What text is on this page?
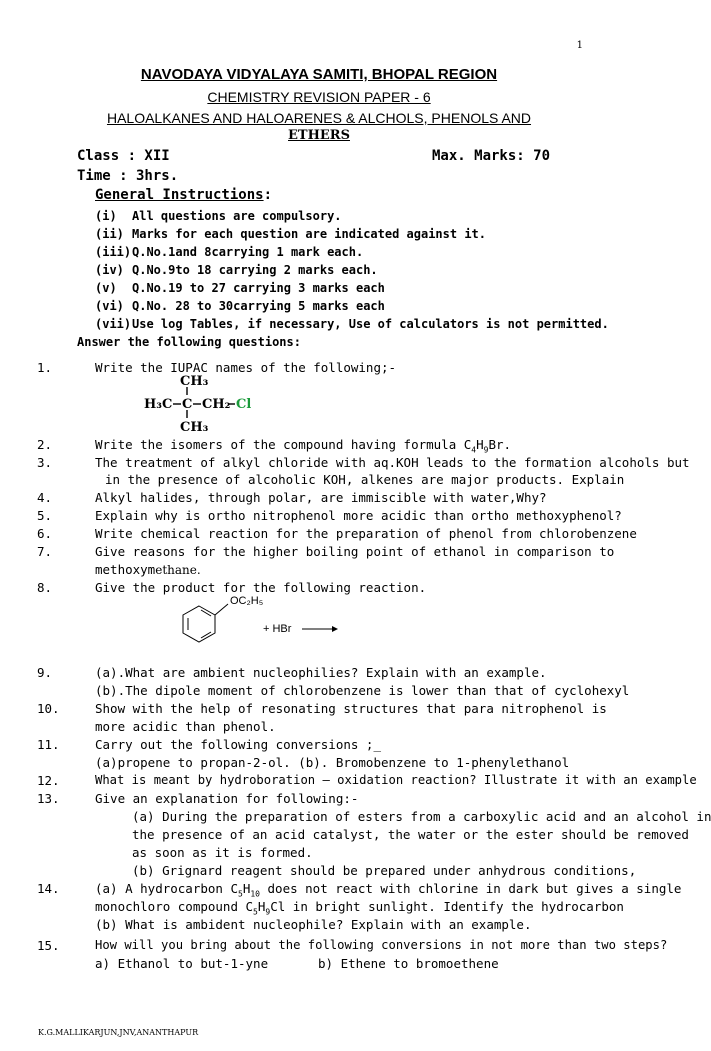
1
NAVODAYA VIDYALAYA SAMITI, BHOPAL REGION
CHEMISTRY REVISION PAPER - 6
HALOALKANES AND HALOARENES & ALCHOLS, PHENOLS AND
ETHERS
Class : XII	Max. Marks: 70
Time : 3hrs.
General Instructions:
(i) All questions are compulsory.
(ii) Marks for each question are indicated against it.
(iii) Q.No.1and 8carrying 1 mark each.
(iv) Q.No.9to 18 carrying 2 marks each.
(v) Q.No.19 to 27 carrying 3 marks each
(vi) Q.No. 28 to 30carrying 5 marks each
(vii) Use log Tables, if necessary, Use of calculators is not permitted.
Answer the following questions:
1.	Write the IUPAC names of the following;-
CH₃
H₃C C CH₂ Cl
CH₃
2.	Write the isomers of the compound having formula $C_4H_9Br$.
3.	The treatment of alkyl chloride with aq.KOH leads to the formation alcohols but
in the presence of alcoholic KOH, alkenes are major products. Explain
4.	Alkyl halides, through polar, are immiscible with water,Why?
5.	Explain why is ortho nitrophenol more acidic than ortho methoxyphenol?
6.	Write chemical reaction for the preparation of phenol from chlorobenzene
7.	Give reasons for the higher boiling point of ethanol in comparison to
methoxymethane.
8.	Give the product for the following reaction.
OC₂H₅
+ HBr
9.	(a).What are ambient nucleophilies? Explain with an example.
(b).The dipole moment of chlorobenzene is lower than that of cyclohexyl
10.	Show with the help of resonating structures that para nitrophenol is
more acidic than phenol.
11.	Carry out the following conversions ;_
(a)propene to propan-2-ol. (b). Bromobenzene to 1-phenylethanol
12.	What is meant by hydroboration – oxidation reaction? Illustrate it with an example
13.	Give an explanation for following:-
(a) During the preparation of esters from a carboxylic acid and an alcohol in
the presence of an acid catalyst, the water or the ester should be removed
as soon as it is formed.
(b) Grignard reagent should be prepared under anhydrous conditions,
14.	(a) A hydrocarbon $C_5H_{10}$ does not react with chlorine in dark but gives a single
monochloro compound $C_5H_9Cl$ in bright sunlight. Identify the hydrocarbon
(b) What is ambident nucleophile? Explain with an example.
15.	How will you bring about the following conversions in not more than two steps?
a) Ethanol to but-1-yne	b) Ethene to bromoethene
K.G.MALLIKARJUN,JNV,ANANTHAPUR
